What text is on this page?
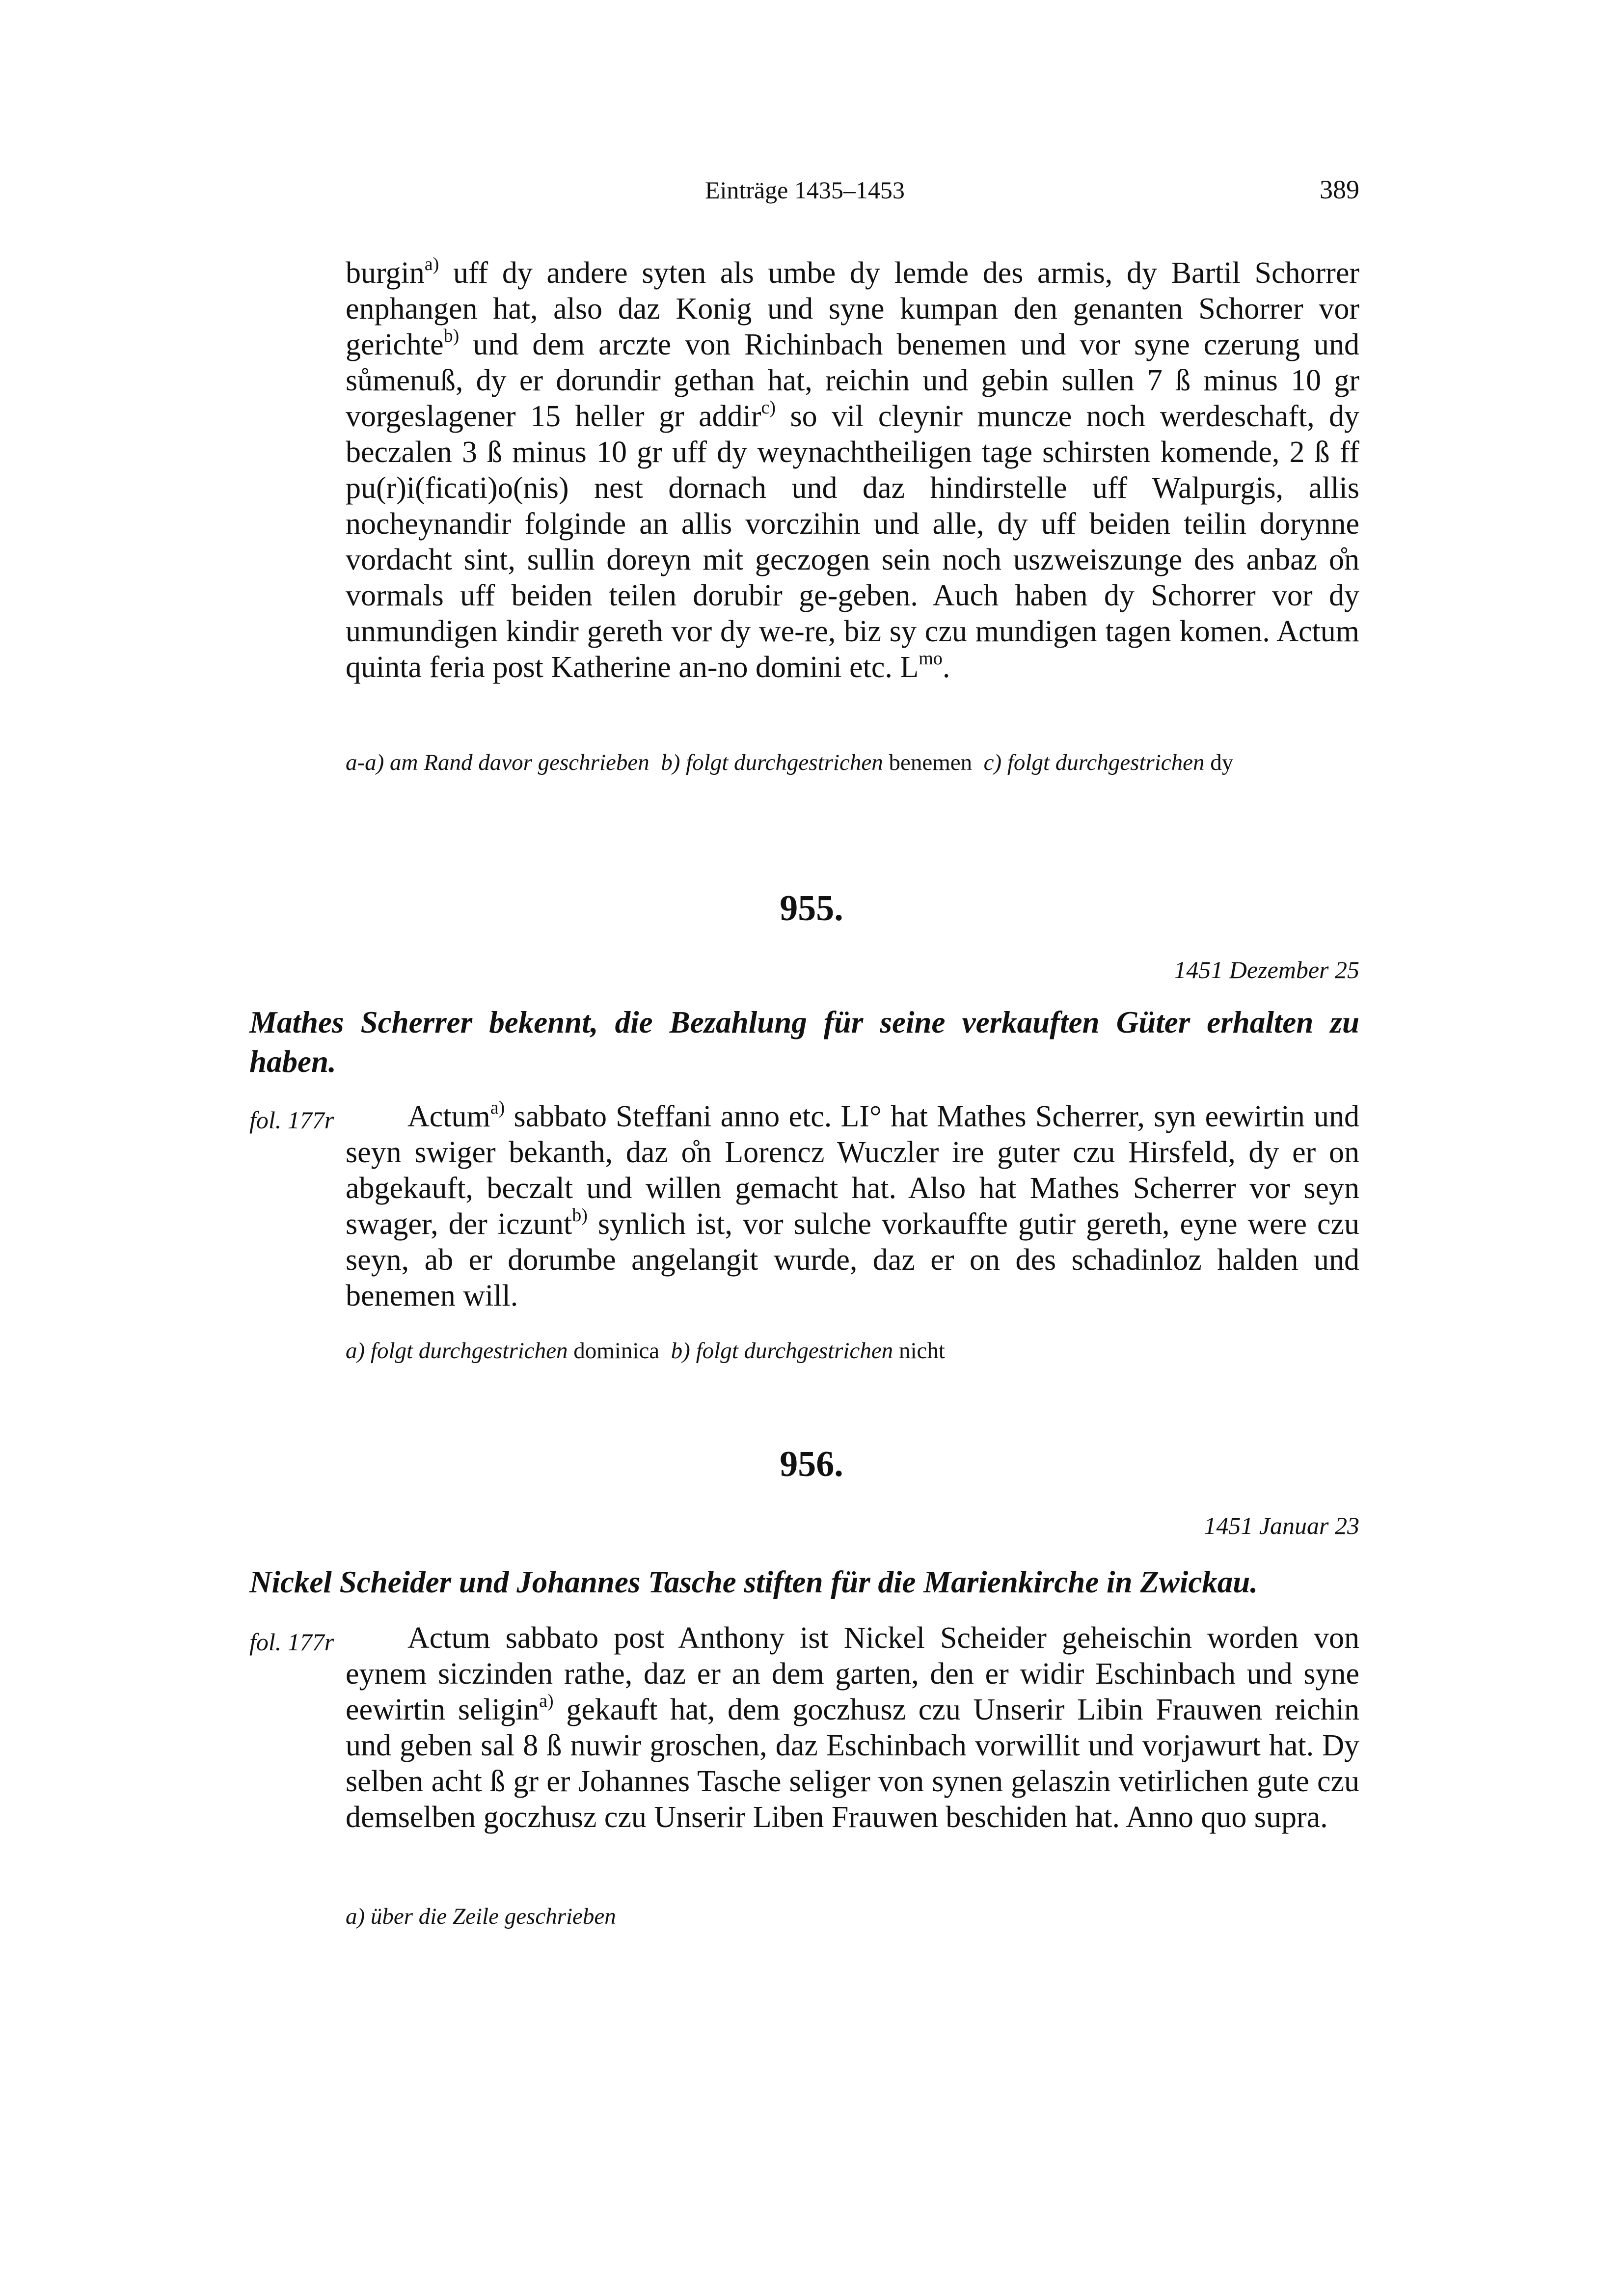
Einträge 1435–1453	389
burgin$^{a)}$ uff dy andere syten als umbe dy lemde des armis, dy Bartil Schorrer enphangen hat, also daz Konig und syne kumpan den genanten Schorrer vor gerichte$^{b)}$ und dem arczte von Richinbach benemen und vor syne czerung und sůmenuß, dy er dorundir gethan hat, reichin und gebin sullen 7 ß minus 10 gr vorgeslagener 15 heller gr addir$^{c)}$ so vil cleynir muncze noch werdeschaft, dy beczalen 3 ß minus 10 gr uff dy weynachtheiligen tage schirsten komende, 2 ß ff pu(r)i(ficati)o(nis) nest dornach und daz hindirstelle uff Walpurgis, allis nocheynandir folginde an allis vorczihin und alle, dy uff beiden teilin dorynne vordacht sint, sullin doreyn mit geczogen sein noch uszweiszunge des anbaz o̊n vormals uff beiden teilen dorubir ge-geben. Auch haben dy Schorrer vor dy unmundigen kindir gereth vor dy we-re, biz sy czu mundigen tagen komen. Actum quinta feria post Katherine an-no domini etc. $L^{mo}$.
a-a) am Rand davor geschrieben b) folgt durchgestrichen benemen c) folgt durchgestrichen dy
955.
1451 Dezember 25
Mathes Scherrer bekennt, die Bezahlung für seine verkauften Güter erhalten zu haben.
fol. 177r	Actum$^{a)}$ sabbato Steffani anno etc. LI° hat Mathes Scherrer, syn eewirtin und seyn swiger bekanth, daz o̊n Lorencz Wuczler ire guter czu Hirsfeld, dy er on abgekauft, beczalt und willen gemacht hat. Also hat Mathes Scherrer vor seyn swager, der iczunt$^{b)}$ synlich ist, vor sulche vorkauffte gutir gereth, eyne were czu seyn, ab er dorumbe angelangit wurde, daz er on des schadinloz halden und benemen will.
a) folgt durchgestrichen dominica b) folgt durchgestrichen nicht
956.
1451 Januar 23
Nickel Scheider und Johannes Tasche stiften für die Marienkirche in Zwickau.
fol. 177r	Actum sabbato post Anthony ist Nickel Scheider geheischin worden von eynem siczinden rathe, daz er an dem garten, den er widir Eschinbach und syne eewirtin seligin$^{a)}$ gekauft hat, dem goczhusz czu Unserir Libin Frauwen reichin und geben sal 8 ß nuwir groschen, daz Eschinbach vorwillit und vorjawurt hat. Dy selben acht ß gr er Johannes Tasche seliger von synen gelaszin vetirlichen gute czu demselben goczhusz czu Unserir Liben Frauwen beschiden hat. Anno quo supra.
a) über die Zeile geschrieben
